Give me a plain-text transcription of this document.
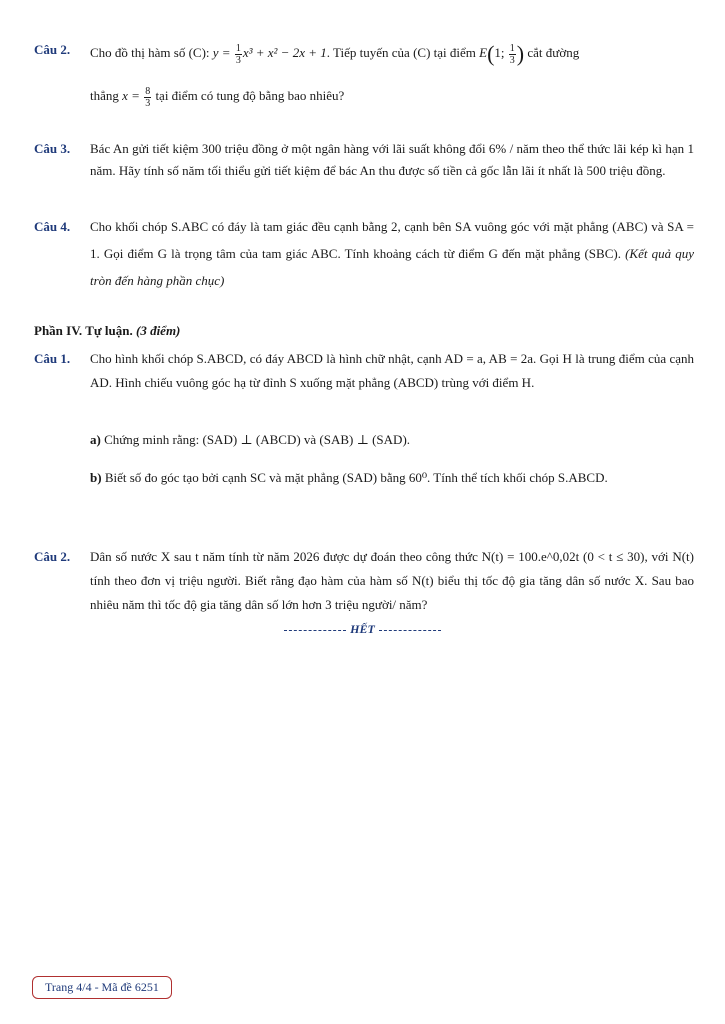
Câu 2. Cho đồ thị hàm số (C): $y = \frac{1}{3} x^3 + x^2 - 2x + 1$. Tiếp tuyến của (C) tại điểm E(1; $\frac{1}{3}$ ) cắt đường
thẳng $x = \frac{8}{3}$ tại điểm có tung độ bằng bao nhiêu?
Câu 3. Bác An gửi tiết kiệm 300 triệu đồng ở một ngân hàng với lãi suất không đổi 6% / năm theo thể thức lãi kép kì hạn 1 năm. Hãy tính số năm tối thiểu gửi tiết kiệm để bác An thu được số tiền cả gốc lẫn lãi ít nhất là 500 triệu đồng.
Câu 4. Cho khối chóp S.ABC có đáy là tam giác đều cạnh bằng 2, cạnh bên SA vuông góc với mặt phẳng (ABC) và SA = 1. Gọi điểm G là trọng tâm của tam giác ABC. Tính khoảng cách từ điểm G đến mặt phẳng (SBC). (Kết quả quy tròn đến hàng phần chục)
Phần IV. Tự luận. (3 điểm)
Câu 1. Cho hình khối chóp S.ABCD, có đáy ABCD là hình chữ nhật, cạnh AD = a, AB = 2a. Gọi H là trung điểm của cạnh AD. Hình chiếu vuông góc hạ từ đỉnh S xuống mặt phẳng (ABCD) trùng với điểm H.
a) Chứng minh rằng: (SAD) ⊥ (ABCD) và (SAB) ⊥ (SAD).
b) Biết số đo góc tạo bởi cạnh SC và mặt phẳng (SAD) bằng 60⁰. Tính thể tích khối chóp S.ABCD.
Câu 2. Dân số nước X sau t năm tính từ năm 2026 được dự đoán theo công thức N(t) = 100.e^0,02t (0 < t ≤ 30), với N(t) tính theo đơn vị triệu người. Biết rằng đạo hàm của hàm số N(t) biểu thị tốc độ gia tăng dân số nước X. Sau bao nhiêu năm thì tốc độ gia tăng dân số lớn hơn 3 triệu người/ năm?
HẾT
Trang 4/4 - Mã đề 6251
